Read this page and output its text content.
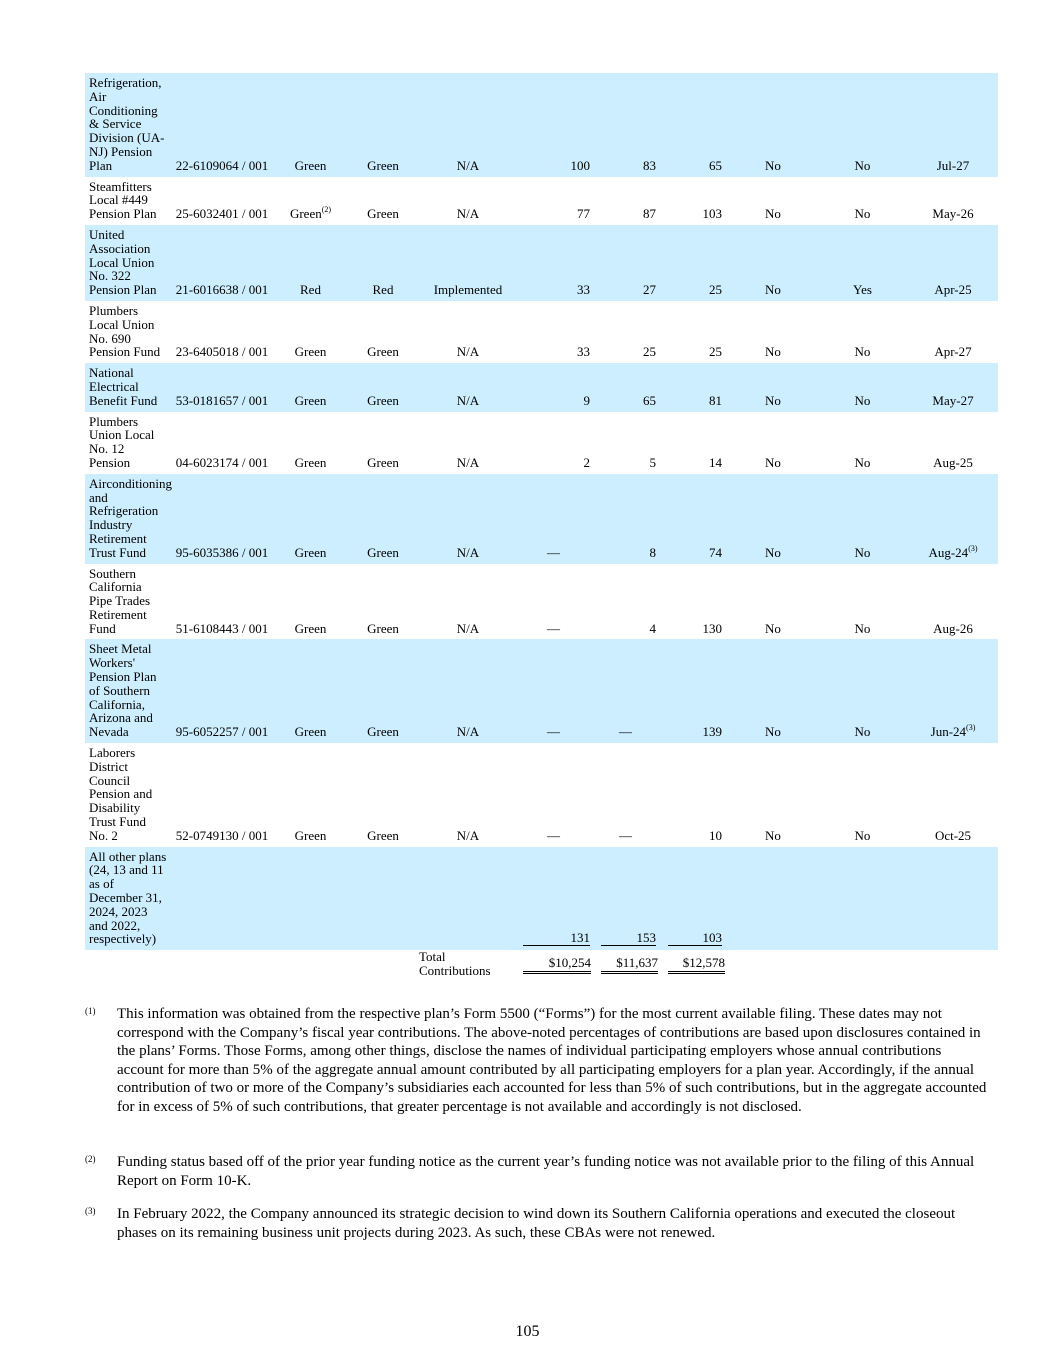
Refrigeration, Air Conditioning & Service Division (UA-NJ) Pension Plan	22-6109064 / 001	Green	Green	N/A	100	83	65	No	No	Jul-27
Steamfitters Local #449 Pension Plan	25-6032401 / 001	Green$^{(2)}$	Green	N/A	77	87	103	No	No	May-26
United Association Local Union No. 322 Pension Plan	21-6016638 / 001	Red	Red	Implemented	33	27	25	No	Yes	Apr-25
Plumbers Local Union No. 690 Pension Fund	23-6405018 / 001	Green	Green	N/A	33	25	25	No	No	Apr-27
National Electrical Benefit Fund	53-0181657 / 001	Green	Green	N/A	9	65	81	No	No	May-27
Plumbers Union Local No. 12 Pension	04-6023174 / 001	Green	Green	N/A	2	5	14	No	No	Aug-25
Airconditioning and Refrigeration Industry Retirement Trust Fund	95-6035386 / 001	Green	Green	N/A	—	8	74	No	No	Aug-24$^{(3)}$
Southern California Pipe Trades Retirement Fund	51-6108443 / 001	Green	Green	N/A	—	4	130	No	No	Aug-26
Sheet Metal Workers' Pension Plan of Southern California, Arizona and Nevada	95-6052257 / 001	Green	Green	N/A	—	—	139	No	No	Jun-24$^{(3)}$
Laborers District Council Pension and Disability Trust Fund No. 2	52-0749130 / 001	Green	Green	N/A	—	—	10	No	No	Oct-25
All other plans (24, 13 and 11 as of December 31, 2024, 2023 and 2022, respectively)					131	153	103			

				Total Contributions	$ 10,254	$ 11,637	$ 12,578			

(1) This information was obtained from the respective plan’s Form 5500 (“Forms”) for the most current available filing. These dates may not correspond with the Company’s fiscal year contributions. The above-noted percentages of contributions are based upon disclosures contained in the plans’ Forms. Those Forms, among other things, disclose the names of individual participating employers whose annual contributions account for more than 5% of the aggregate annual amount contributed by all participating employers for a plan year. Accordingly, if the annual contribution of two or more of the Company’s subsidiaries each accounted for less than 5% of such contributions, but in the aggregate accounted for in excess of 5% of such contributions, that greater percentage is not available and accordingly is not disclosed.
(2) Funding status based off of the prior year funding notice as the current year’s funding notice was not available prior to the filing of this Annual Report on Form 10-K.
(3) In February 2022, the Company announced its strategic decision to wind down its Southern California operations and executed the closeout phases on its remaining business unit projects during 2023. As such, these CBAs were not renewed.
105
